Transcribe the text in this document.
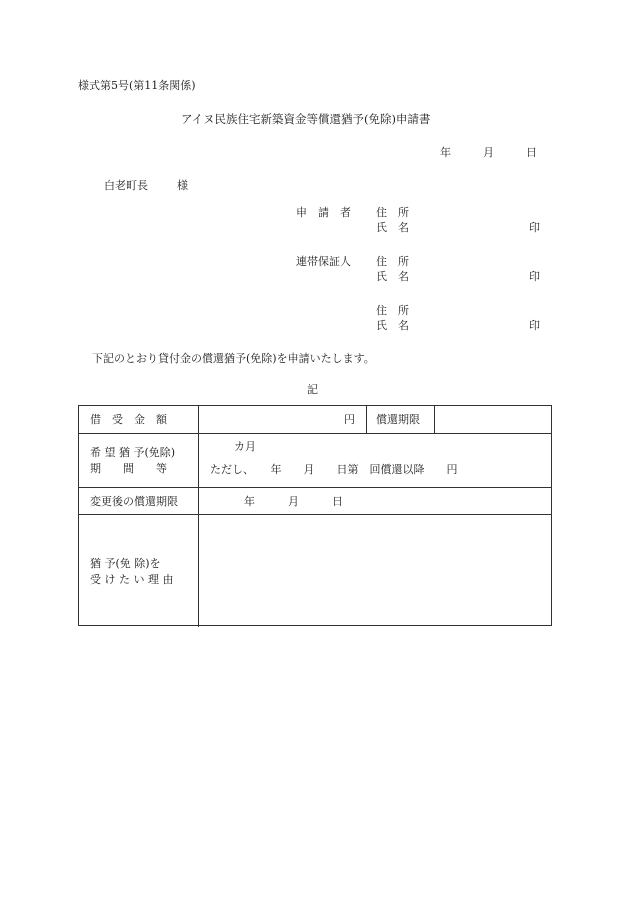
様式第5号(第11条関係)
アイヌ民族住宅新築資金等償還猶予(免除)申請書
年	月	日
白老町長	様
申　請　者 住　所
氏　名	印
連帯保証人 住　所
氏　名	印
住　所
氏　名	印
下記のとおり貸付金の償還猶予(免除)を申請いたします。
記
借　受　金　額	円 償還期限
希 望 猶 予(免除)
期　　間　　等
カ月
ただし、　　年　　月　　日第　回償還以降　　円
変更後の償還期限	年　　　月　　　日
猶 予(免 除)を
受 け た い 理 由
